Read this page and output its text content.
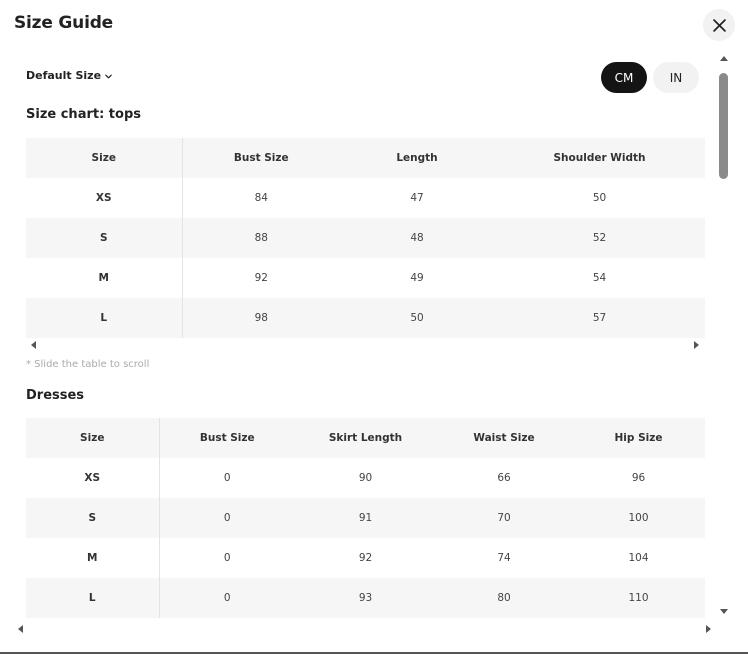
Size Guide
Default Size	CM	IN
Size chart: tops
Size	Bust Size	Length	Shoulder Width
XS	84	47	50
S	88	48	52
M	92	49	54
L	98	50	57
* Slide the table to scroll
Dresses
Size	Bust Size	Skirt Length	Waist Size	Hip Size
XS	0	90	66	96
S	0	91	70	100
M	0	92	74	104
L	0	93	80	110
